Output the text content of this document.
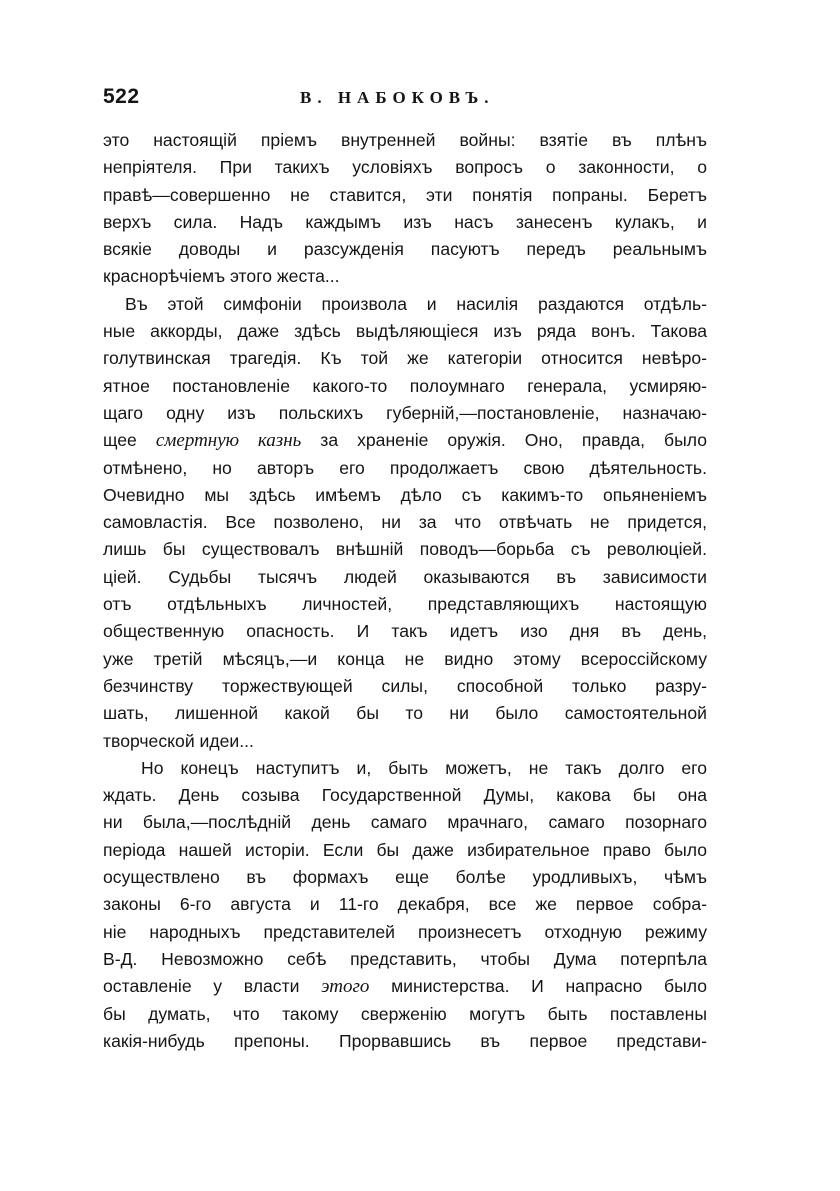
522	В. НАБОКОВЪ.
это настоящій пріемъ внутренней войны: взятіе въ плѣнъ
непріятеля. При такихъ условіяхъ вопросъ о законности, о
правѣ—совершенно не ставится, эти понятія попраны. Беретъ
верхъ сила. Надъ каждымъ изъ насъ занесенъ кулакъ, и
всякіе доводы и разсужденія пасуютъ передъ реальнымъ
краснорѣчіемъ этого жеста...
Въ этой симфоніи произвола и насилія раздаются отдѣль-
ные аккорды, даже здѣсь выдѣляющіеся изъ ряда вонъ. Такова
голутвинская трагедія. Къ той же категоріи относится невѣро-
ятное постановленіе какого-то полоумнаго генерала, усмиряю-
щаго одну изъ польскихъ губерній,—постановленіе, назначаю-
щее смертную казнь за храненіе оружія. Оно, правда, было
отмѣнено, но авторъ его продолжаетъ свою дѣятельность.
Очевидно мы здѣсь имѣемъ дѣло съ какимъ-то опьяненіемъ
самовластія. Все позволено, ни за что отвѣчать не придется,
лишь бы существовалъ внѣшній поводъ—борьба съ революціей.
ціей. Судьбы тысячъ людей оказываются въ зависимости
отъ отдѣльныхъ личностей, представляющихъ настоящую
общественную опасность. И такъ идетъ изо дня въ день,
уже третій мѣсяцъ,—и конца не видно этому всероссійскому
безчинству торжествующей силы, способной только разру-
шать, лишенной какой бы то ни было самостоятельной
творческой идеи...
Но конецъ наступитъ и, быть можетъ, не такъ долго его
ждать. День созыва Государственной Думы, какова бы она
ни была,—послѣдній день самаго мрачнаго, самаго позорнаго
періода нашей исторіи. Если бы даже избирательное право было
осуществлено въ формахъ еще болѣе уродливыхъ, чѣмъ
законы 6-го августа и 11-го декабря, все же первое собра-
ніе народныхъ представителей произнесетъ отходную режиму
В-Д. Невозможно себѣ представить, чтобы Дума потерпѣла
оставленіе у власти этого министерства. И напрасно было
бы думать, что такому сверженію могутъ быть поставлены
какія-нибудь препоны. Прорвавшись въ первое представи-
